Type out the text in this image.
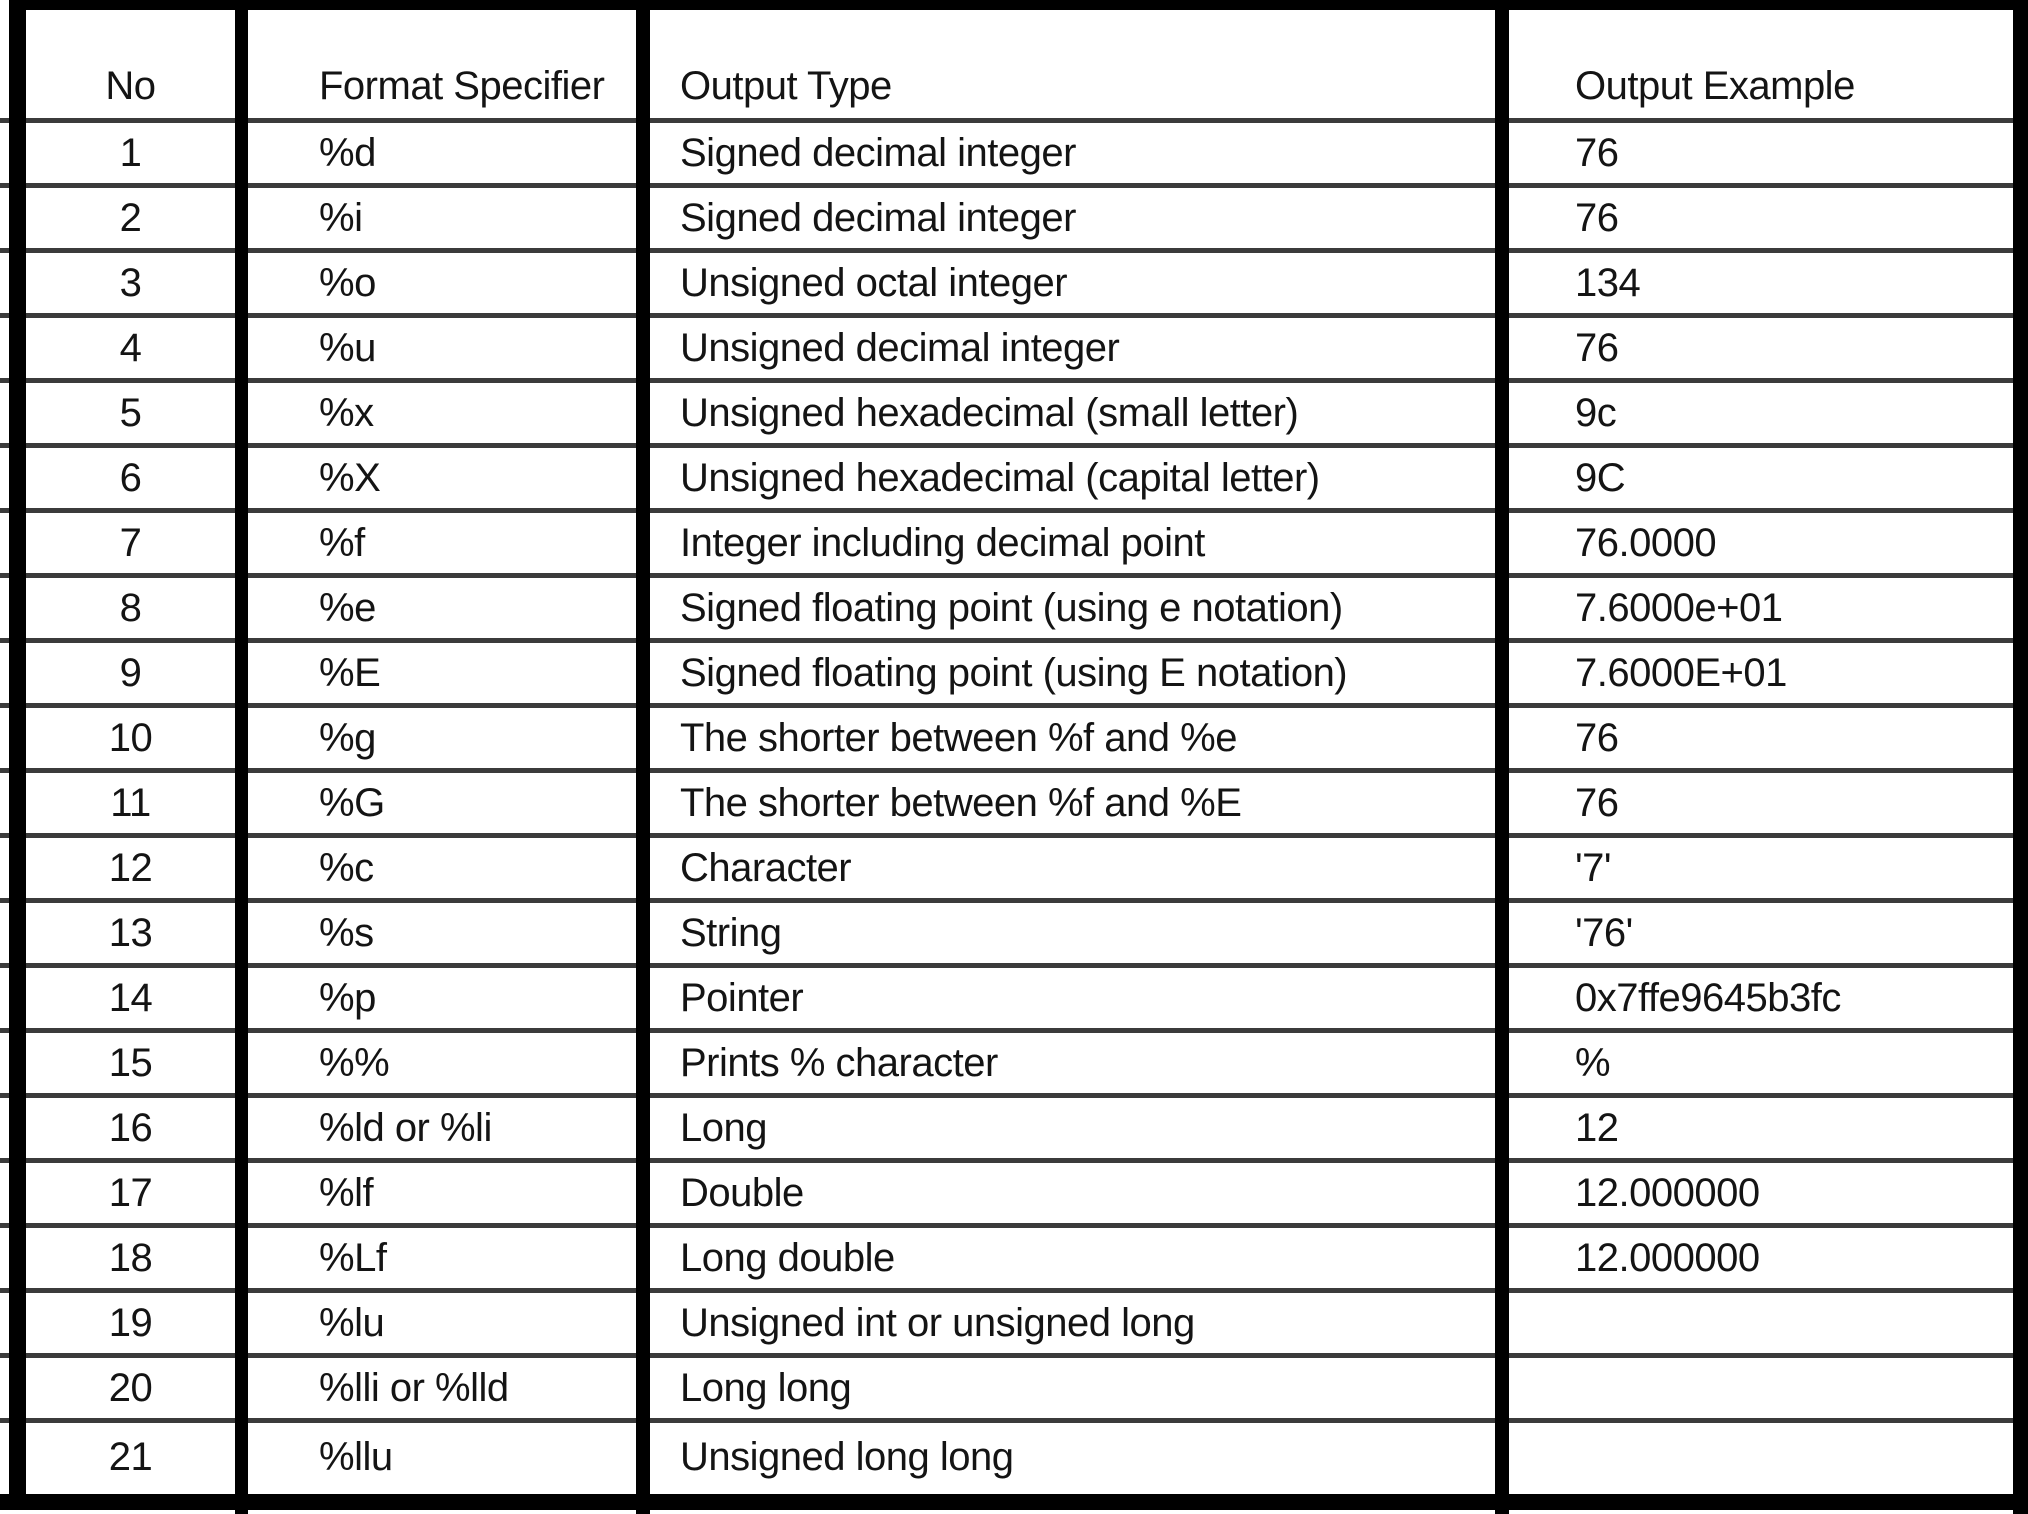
No	Format Specifier	Output Type	Output Example
1	%d	Signed decimal integer	76
2	%i	Signed decimal integer	76
3	%o	Unsigned octal integer	134
4	%u	Unsigned decimal integer	76
5	%x	Unsigned hexadecimal (small letter)	9c
6	%X	Unsigned hexadecimal (capital letter)	9C
7	%f	Integer including decimal point	76.0000
8	%e	Signed floating point (using e notation)	7.6000e+01
9	%E	Signed floating point (using E notation)	7.6000E+01
10	%g	The shorter between %f and %e	76
11	%G	The shorter between %f and %E	76
12	%c	Character	'7'
13	%s	String	'76'
14	%p	Pointer	0x7ffe9645b3fc
15	%%	Prints % character	%
16	%ld or %li	Long	12
17	%lf	Double	12.000000
18	%Lf	Long double	12.000000
19	%lu	Unsigned int or unsigned long
20	%lli or %lld	Long long
21	%llu	Unsigned long long
